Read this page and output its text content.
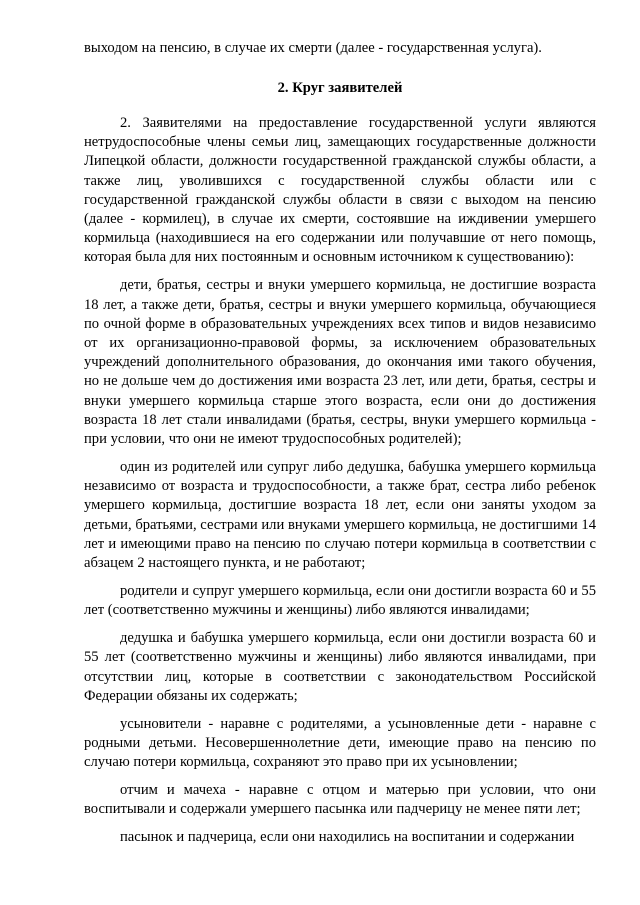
выходом на пенсию, в случае их смерти (далее - государственная услуга).

2. Круг заявителей

2. Заявителями на предоставление государственной услуги являются нетрудоспособные члены семьи лиц, замещающих государственные должности Липецкой области, должности государственной гражданской службы области, а также лиц, уволившихся с государственной службы области или с государственной гражданской службы области в связи с выходом на пенсию (далее - кормилец), в случае их смерти, состоявшие на иждивении умершего кормильца (находившиеся на его содержании или получавшие от него помощь, которая была для них постоянным и основным источником к существованию):

дети, братья, сестры и внуки умершего кормильца, не достигшие возраста 18 лет, а также дети, братья, сестры и внуки умершего кормильца, обучающиеся по очной форме в образовательных учреждениях всех типов и видов независимо от их организационно-правовой формы, за исключением образовательных учреждений дополнительного образования, до окончания ими такого обучения, но не дольше чем до достижения ими возраста 23 лет, или дети, братья, сестры и внуки умершего кормильца старше этого возраста, если они до достижения возраста 18 лет стали инвалидами (братья, сестры, внуки умершего кормильца - при условии, что они не имеют трудоспособных родителей);

один из родителей или супруг либо дедушка, бабушка умершего кормильца независимо от возраста и трудоспособности, а также брат, сестра либо ребенок умершего кормильца, достигшие возраста 18 лет, если они заняты уходом за детьми, братьями, сестрами или внуками умершего кормильца, не достигшими 14 лет и имеющими право на пенсию по случаю потери кормильца в соответствии с абзацем 2 настоящего пункта, и не работают;

родители и супруг умершего кормильца, если они достигли возраста 60 и 55 лет (соответственно мужчины и женщины) либо являются инвалидами;

дедушка и бабушка умершего кормильца, если они достигли возраста 60 и 55 лет (соответственно мужчины и женщины) либо являются инвалидами, при отсутствии лиц, которые в соответствии с законодательством Российской Федерации обязаны их содержать;

усыновители - наравне с родителями, а усыновленные дети - наравне с родными детьми. Несовершеннолетние дети, имеющие право на пенсию по случаю потери кормильца, сохраняют это право при их усыновлении;

отчим и мачеха - наравне с отцом и матерью при условии, что они воспитывали и содержали умершего пасынка или падчерицу не менее пяти лет;

пасынок и падчерица, если они находились на воспитании и содержании
